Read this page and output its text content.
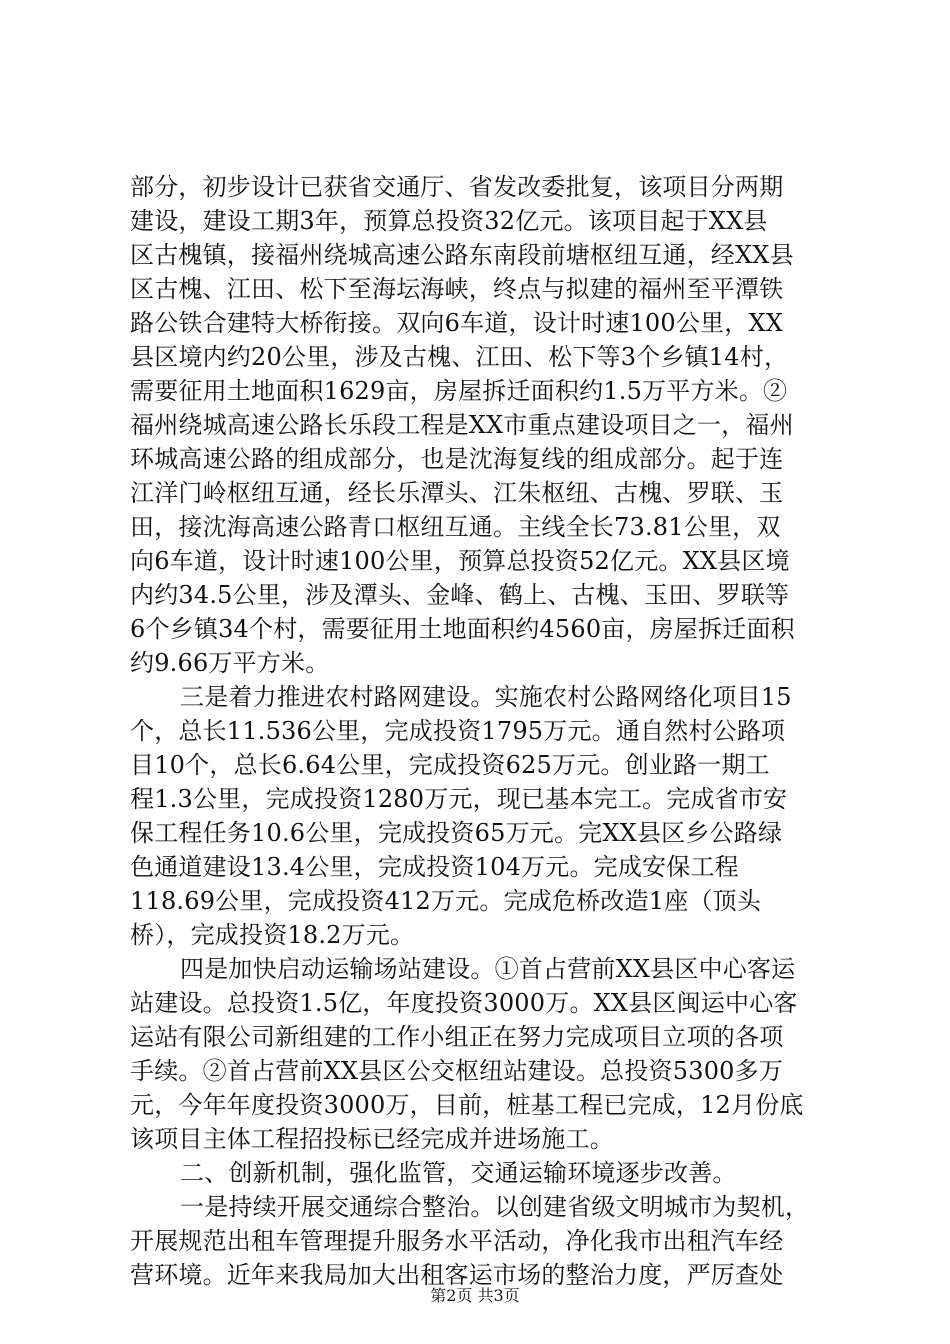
部分，初步设计已获省交通厅、省发改委批复，该项目分两期
建设，建设工期3年，预算总投资32亿元。该项目起于XX县
区古槐镇，接福州绕城高速公路东南段前塘枢纽互通，经XX县
区古槐、江田、松下至海坛海峡，终点与拟建的福州至平潭铁
路公铁合建特大桥衔接。双向6车道，设计时速100公里，XX
县区境内约20公里，涉及古槐、江田、松下等3个乡镇14村，
需要征用土地面积1629亩，房屋拆迁面积约1.5万平方米。②
福州绕城高速公路长乐段工程是XX市重点建设项目之一，福州
环城高速公路的组成部分，也是沈海复线的组成部分。起于连
江洋门岭枢纽互通，经长乐潭头、江朱枢纽、古槐、罗联、玉
田，接沈海高速公路青口枢纽互通。主线全长73.81公里，双
向6车道，设计时速100公里，预算总投资52亿元。XX县区境
内约34.5公里，涉及潭头、金峰、鹤上、古槐、玉田、罗联等
6个乡镇34个村，需要征用土地面积约4560亩，房屋拆迁面积
约9.66万平方米。
三是着力推进农村路网建设。实施农村公路网络化项目15
个，总长11.536公里，完成投资1795万元。通自然村公路项
目10个，总长6.64公里，完成投资625万元。创业路一期工
程1.3公里，完成投资1280万元，现已基本完工。完成省市安
保工程任务10.6公里，完成投资65万元。完XX县区乡公路绿
色通道建设13.4公里，完成投资104万元。完成安保工程
118.69公里，完成投资412万元。完成危桥改造1座（顶头
桥），完成投资18.2万元。
四是加快启动运输场站建设。①首占营前XX县区中心客运
站建设。总投资1.5亿，年度投资3000万。XX县区闽运中心客
运站有限公司新组建的工作小组正在努力完成项目立项的各项
手续。②首占营前XX县区公交枢纽站建设。总投资5300多万
元，今年年度投资3000万，目前，桩基工程已完成，12月份底
该项目主体工程招投标已经完成并进场施工。
二、创新机制，强化监管，交通运输环境逐步改善。
一是持续开展交通综合整治。以创建省级文明城市为契机，
开展规范出租车管理提升服务水平活动，净化我市出租汽车经
营环境。近年来我局加大出租客运市场的整治力度，严厉查处
第2页 共3页
